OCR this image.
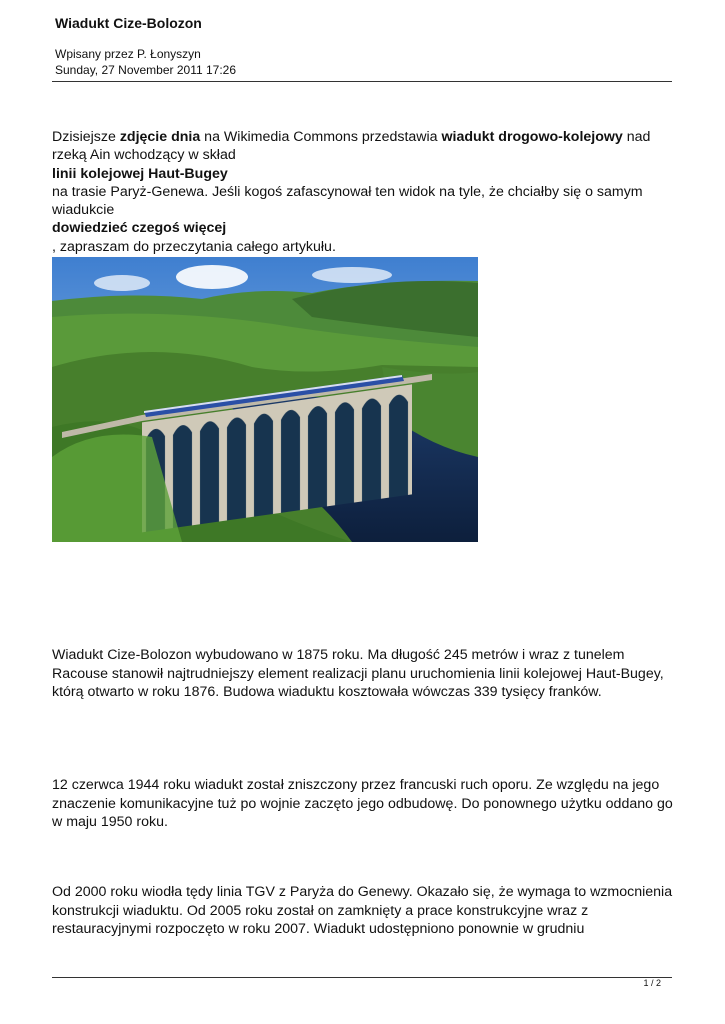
Wiadukt Cize-Bolozon
Wpisany przez P. Łonyszyn
Sunday, 27 November 2011 17:26
Dzisiejsze zdjęcie dnia na Wikimedia Commons przedstawia wiadukt drogowo-kolejowy nad rzeką Ain wchodzący w skład
linii kolejowej Haut-Bugey
na trasie Paryż-Genewa. Jeśli kogoś zafascynował ten widok na tyle, że chciałby się o samym wiadukcie
dowiedzieć czegoś więcej
, zapraszam do przeczytania całego artykułu.

Wiadukt Cize-Bolozon wybudowano w 1875 roku. Ma długość 245 metrów i wraz z tunelem Racouse stanowił najtrudniejszy element realizacji planu uruchomienia linii kolejowej Haut-Bugey, którą otwarto w roku 1876. Budowa wiaduktu kosztowała wówczas 339 tysięcy franków.

12 czerwca 1944 roku wiadukt został zniszczony przez francuski ruch oporu. Ze względu na jego znaczenie komunikacyjne tuż po wojnie zaczęto jego odbudowę. Do ponownego użytku oddano go w maju 1950 roku.

Od 2000 roku wiodła tędy linia TGV z Paryża do Genewy. Okazało się, że wymaga to wzmocnienia konstrukcji wiaduktu. Od 2005 roku został on zamknięty a prace konstrukcyjne wraz z restauracyjnymi rozpoczęto w roku 2007. Wiadukt udostępniono ponownie w grudniu

1 / 2
